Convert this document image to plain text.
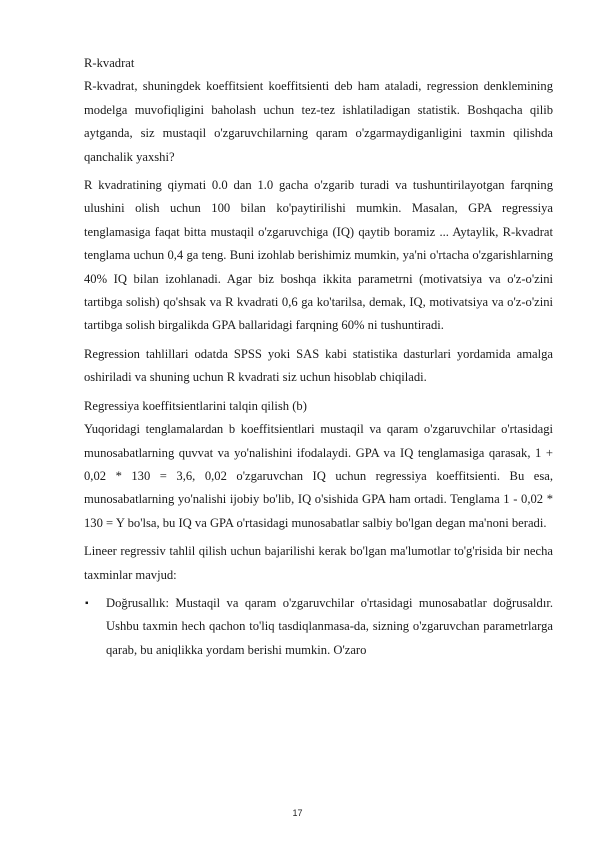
R-kvadrat

R-kvadrat, shuningdek koeffitsient koeffitsienti deb ham ataladi, regression denklemining modelga muvofiqligini baholash uchun tez-tez ishlatiladigan statistik. Boshqacha qilib aytganda, siz mustaqil o'zgaruvchilarning qaram o'zgarmaydiganligini taxmin qilishda qanchalik yaxshi?

R kvadratining qiymati 0.0 dan 1.0 gacha o'zgarib turadi va tushuntirilayotgan farqning ulushini olish uchun 100 bilan ko'paytirilishi mumkin. Masalan, GPA regressiya tenglamasiga faqat bitta mustaqil o'zgaruvchiga (IQ) qaytib boramiz ... Aytaylik, R-kvadrat tenglama uchun 0,4 ga teng. Buni izohlab berishimiz mumkin, ya'ni o'rtacha o'zgarishlarning 40% IQ bilan izohlanadi. Agar biz boshqa ikkita parametrni (motivatsiya va o'z-o'zini tartibga solish) qo'shsak va R kvadrati 0,6 ga ko'tarilsa, demak, IQ, motivatsiya va o'z-o'zini tartibga solish birgalikda GPA ballaridagi farqning 60% ni tushuntiradi.

Regression tahlillari odatda SPSS yoki SAS kabi statistika dasturlari yordamida amalga oshiriladi va shuning uchun R kvadrati siz uchun hisoblab chiqiladi.

Regressiya koeffitsientlarini talqin qilish (b)

Yuqoridagi tenglamalardan b koeffitsientlari mustaqil va qaram o'zgaruvchilar o'rtasidagi munosabatlarning quvvat va yo'nalishini ifodalaydi. GPA va IQ tenglamasiga qarasak, 1 + 0,02 * 130 = 3,6, 0,02 o'zgaruvchan IQ uchun regressiya koeffitsienti. Bu esa, munosabatlarning yo'nalishi ijobiy bo'lib, IQ o'sishida GPA ham ortadi. Tenglama 1 - 0,02 * 130 = Y bo'lsa, bu IQ va GPA o'rtasidagi munosabatlar salbiy bo'lgan degan ma'noni beradi.

Lineer regressiv tahlil qilish uchun bajarilishi kerak bo'lgan ma'lumotlar to'g'risida bir necha taxminlar mavjud:

▪ Doğrusallık: Mustaqil va qaram o'zgaruvchilar o'rtasidagi munosabatlar doğrusaldır. Ushbu taxmin hech qachon to'liq tasdiqlanmasa-da, sizning o'zgaruvchan parametrlarga qarab, bu aniqlikka yordam berishi mumkin. O'zaro

17
